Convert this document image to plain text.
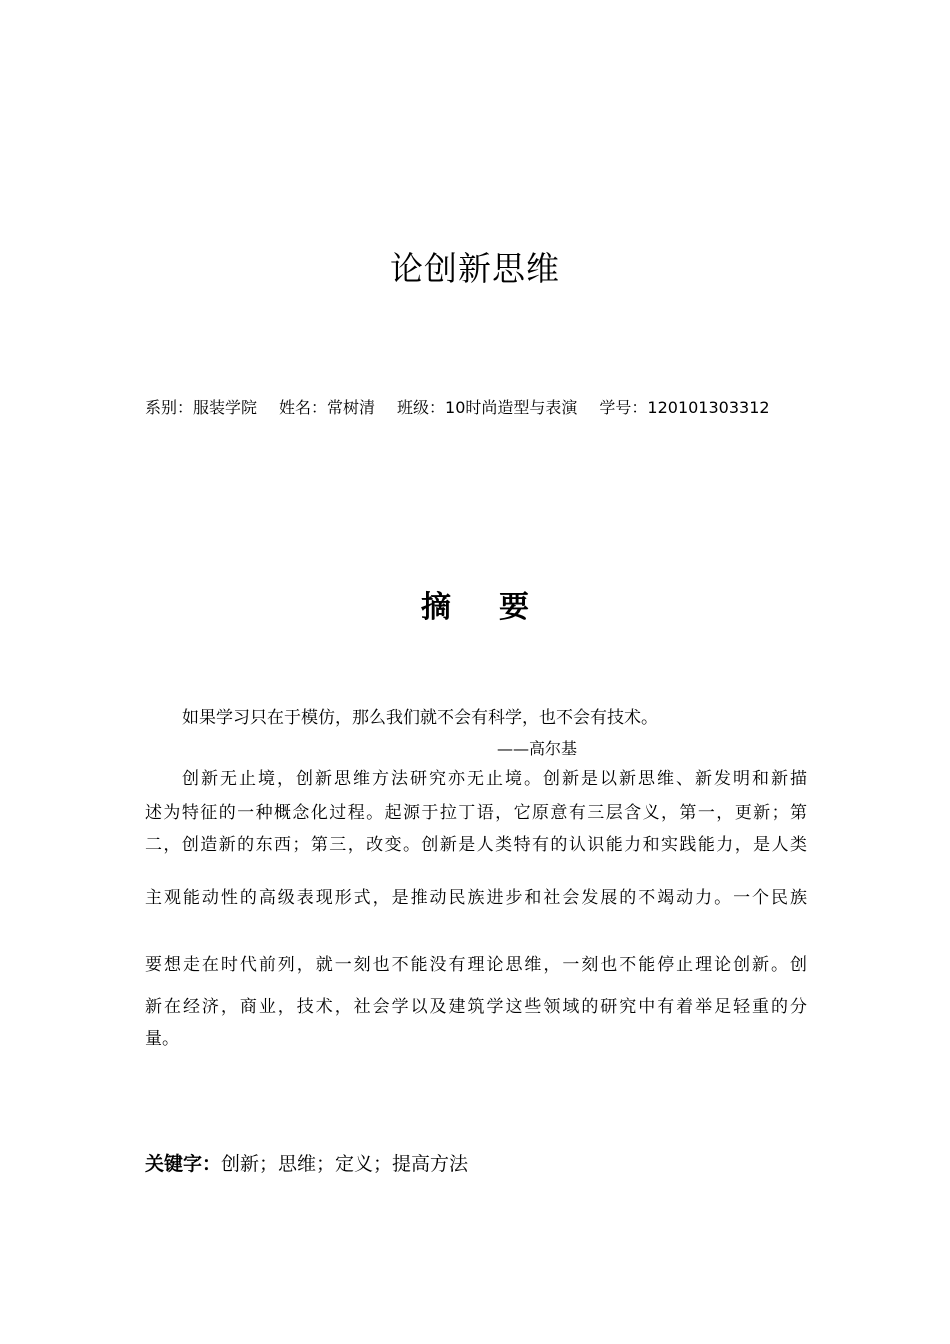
论创新思维
系别：服装学院 姓名：常树清 班级：10时尚造型与表演 学号：120101303312
摘要
如果学习只在于模仿，那么我们就不会有科学，也不会有技术。
——高尔基
创新无止境，创新思维方法研究亦无止境。创新是以新思维、新发明和新描
述为特征的一种概念化过程。起源于拉丁语，它原意有三层含义，第一，更新；第
二，创造新的东西；第三，改变。创新是人类特有的认识能力和实践能力，是人类
主观能动性的高级表现形式，是推动民族进步和社会发展的不竭动力。一个民族
要想走在时代前列，就一刻也不能没有理论思维，一刻也不能停止理论创新。创
新在经济，商业，技术，社会学以及建筑学这些领域的研究中有着举足轻重的分
量。
关键字：创新；思维；定义；提高方法
